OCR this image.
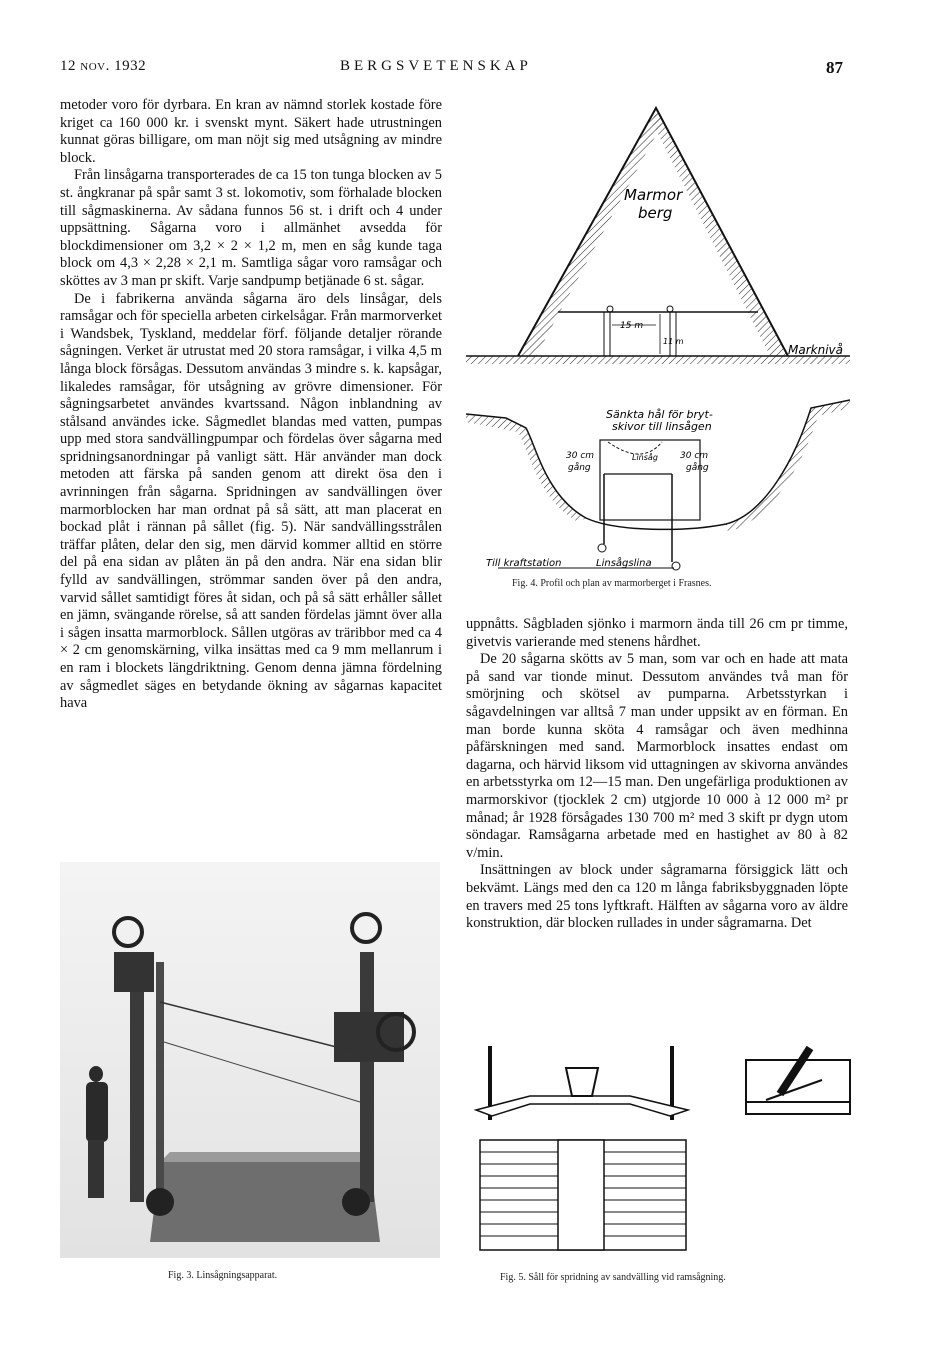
12 nov. 1932	BERGSVETENSKAP	87

metoder voro för dyrbara. En kran av nämnd storlek kostade före kriget ca 160 000 kr. i svenskt mynt. Säkert hade utrustningen kunnat göras billigare, om man nöjt sig med utsågning av mindre block.

Från linsågarna transporterades de ca 15 ton tunga blocken av 5 st. ångkranar på spår samt 3 st. lokomotiv, som förhalade blocken till sågmaskinerna. Av sådana funnos 56 st. i drift och 4 under uppsättning. Sågarna voro i allmänhet avsedda för blockdimensioner om 3,2 × 2 × 1,2 m, men en såg kunde taga block om 4,3 × 2,28 × 2,1 m. Samtliga sågar voro ramsågar och sköttes av 3 man pr skift. Varje sandpump betjänade 6 st. sågar.

De i fabrikerna använda sågarna äro dels linsågar, dels ramsågar och för speciella arbeten cirkelsågar. Från marmorverket i Wandsbek, Tyskland, meddelar förf. följande detaljer rörande sågningen. Verket är utrustat med 20 stora ramsågar, i vilka 4,5 m långa block försågas. Dessutom användas 3 mindre s. k. kapsågar, likaledes ramsågar, för utsågning av grövre dimensioner. För sågningsarbetet användes kvartssand. Någon inblandning av stålsand användes icke. Sågmedlet blandas med vatten, pumpas upp med stora sandvällingpumpar och fördelas över sågarna med spridningsanordningar på vanligt sätt. Här använder man dock metoden att färska på sanden genom att direkt ösa den i avrinningen från sågarna. Spridningen av sandvällingen över marmorblocken har man ordnat på så sätt, att man placerat en bockad plåt i rännan på sållet (fig. 5). När sandvällingsstrålen träffar plåten, delar den sig, men därvid kommer alltid en större del på ena sidan av plåten än på den andra. När ena sidan blir fylld av sandvällingen, strömmar sanden över på den andra, varvid sållet samtidigt föres åt sidan, och på så sätt erhåller sållet en jämn, svängande rörelse, så att sanden fördelas jämnt över alla i sågen insatta marmorblock. Sållen utgöras av träribbor med ca 4 × 2 cm genomskärning, vilka insättas med ca 9 mm mellanrum i en ram i blockets längdriktning. Genom denna jämna fördelning av sågmedlet säges en betydande ökning av sågarnas kapacitet hava

uppnåtts. Sågbladen sjönko i marmorn ända till 26 cm pr timme, givetvis varierande med stenens hårdhet.

De 20 sågarna skötts av 5 man, som var och en hade att mata på sand var tionde minut. Dessutom användes två man för smörjning och skötsel av pumparna. Arbetsstyrkan i sågavdelningen var alltså 7 man under uppsikt av en förman. En man borde kunna sköta 4 ramsågar och även medhinna påfärskningen med sand. Marmorblock insattes endast om dagarna, och härvid liksom vid uttagningen av skivorna användes en arbetsstyrka om 12—15 man. Den ungefärliga produktionen av marmorskivor (tjocklek 2 cm) utgjorde 10 000 à 12 000 m² pr månad; år 1928 försågades 130 700 m² med 3 skift pr dygn utom söndagar. Ramsågarna arbetade med en hastighet av 80 à 82 v/min.

Insättningen av block under sågramarna försiggick lätt och bekvämt. Längs med den ca 120 m långa fabriksbyggnaden löpte en travers med 25 tons lyftkraft. Hälften av sågarna voro av äldre konstruktion, där blocken rullades in under sågramarna. Det

Marmor
berg
15 m
11 m
Marknivå
Sänkta hål för bryt-
skivor till linsågen
30 cm
gång
Linsåg 30 cm
gång
Till kraftstation	Linsågslina
Fig. 4. Profil och plan av marmorberget i Frasnes.
Fig. 3. Linsågningsapparat.	Fig. 5. Såll för spridning av sandvälling vid ramsågning.
